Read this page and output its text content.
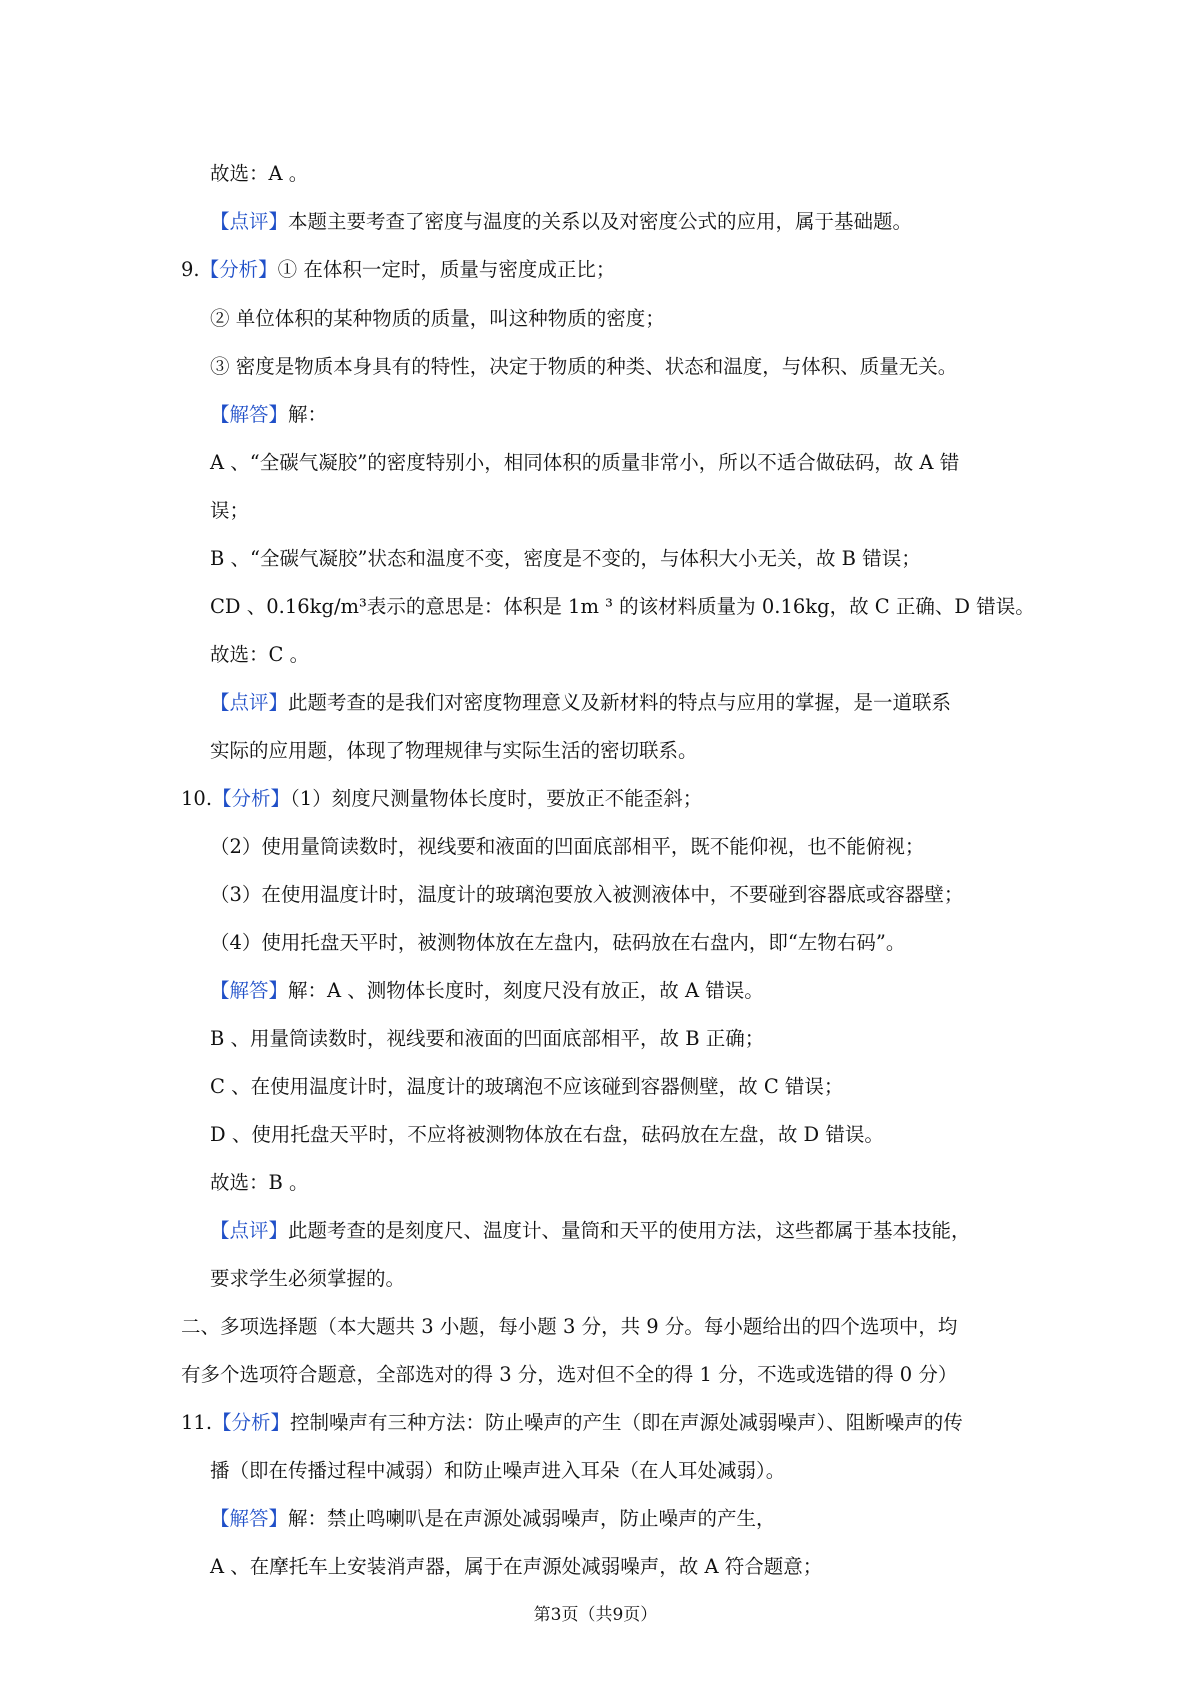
故选：A 。
【点评】本题主要考查了密度与温度的关系以及对密度公式的应用，属于基础题。
9.【分析】① 在体积一定时，质量与密度成正比；
② 单位体积的某种物质的质量，叫这种物质的密度；
③ 密度是物质本身具有的特性，决定于物质的种类、状态和温度，与体积、质量无关。
【解答】解：
A 、“全碳气凝胶”的密度特别小，相同体积的质量非常小，所以不适合做砝码，故 A 错
误；
B 、“全碳气凝胶”状态和温度不变，密度是不变的，与体积大小无关，故 B 错误；
CD 、0.16kg/m³表示的意思是：体积是 1m ³ 的该材料质量为 0.16kg，故 C 正确、D 错误。
故选：C 。
【点评】此题考查的是我们对密度物理意义及新材料的特点与应用的掌握，是一道联系
实际的应用题，体现了物理规律与实际生活的密切联系。
10.【分析】（1）刻度尺测量物体长度时，要放正不能歪斜；
（2）使用量筒读数时，视线要和液面的凹面底部相平，既不能仰视，也不能俯视；
（3）在使用温度计时，温度计的玻璃泡要放入被测液体中，不要碰到容器底或容器壁；
（4）使用托盘天平时，被测物体放在左盘内，砝码放在右盘内，即“左物右码”。
【解答】解：A 、测物体长度时，刻度尺没有放正，故 A 错误。
B 、用量筒读数时，视线要和液面的凹面底部相平，故 B 正确；
C 、在使用温度计时，温度计的玻璃泡不应该碰到容器侧壁，故 C 错误；
D 、使用托盘天平时，不应将被测物体放在右盘，砝码放在左盘，故 D 错误。
故选：B 。
【点评】此题考查的是刻度尺、温度计、量筒和天平的使用方法，这些都属于基本技能，
要求学生必须掌握的。
二、多项选择题（本大题共 3 小题，每小题 3 分，共 9 分。每小题给出的四个选项中，均
有多个选项符合题意，全部选对的得 3 分，选对但不全的得 1 分，不选或选错的得 0 分）
11.【分析】控制噪声有三种方法：防止噪声的产生（即在声源处减弱噪声）、阻断噪声的传
播（即在传播过程中减弱）和防止噪声进入耳朵（在人耳处减弱）。
【解答】解：禁止鸣喇叭是在声源处减弱噪声，防止噪声的产生，
A 、在摩托车上安装消声器，属于在声源处减弱噪声，故 A 符合题意；
第3页（共9页）
